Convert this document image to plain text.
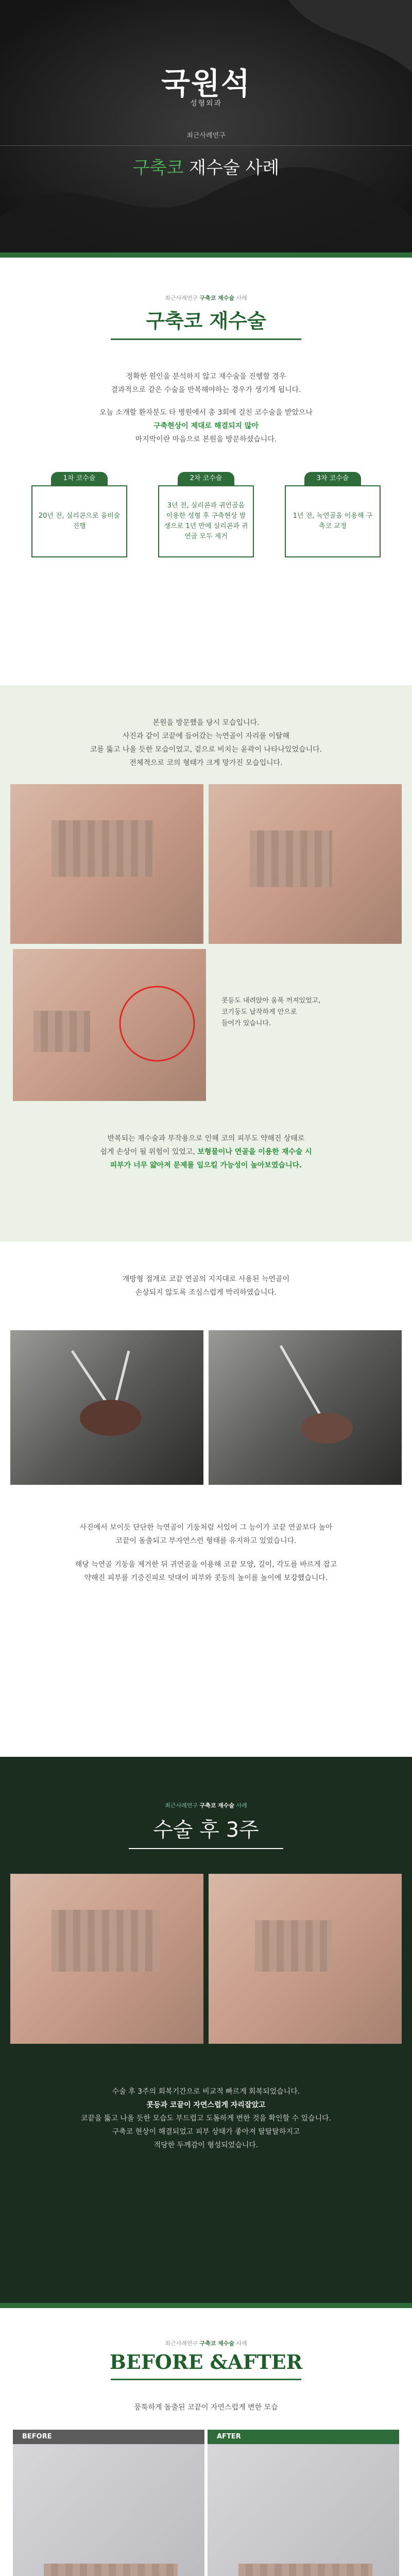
국원석
성형외과
최근사례연구
구축코 재수술 사례
최근사례연구 구축코 재수술 사례
구축코 재수술
정확한 원인을 분석하지 않고 재수술을 진행할 경우
결과적으로 같은 수술을 반복해야하는 경우가 생기게 됩니다.
오늘 소개할 환자분도 타 병원에서 총 3회에 걸친 코수술을 받았으나
구축현상이 제대로 해결되지 않아
마지막이란 마음으로 본원을 방문하셨습니다.
1차 코수술
20년 전, 실리콘으로 융비술 진행
2차 코수술
3년 전, 실리콘과 귀연골을 이용한 성형 후 구축현상 발생으로 1년 만에 실리콘과 귀연골 모두 제거
3차 코수술
1년 전, 늑연골을 이용해 구축코 교정
본원을 방문했을 당시 모습입니다.
사진과 같이 코끝에 들어갔는 늑연골이 자리를 이탈해
코를 뚫고 나올 듯한 모습이었고, 겉으로 비치는 윤곽이 나타나있었습니다.
전체적으로 코의 형태가 크게 망가진 모습입니다.
콧등도 내려앉아 움푹 꺼져있었고,
코기둥도 납작하게 안으로
들어가 있습니다.
반복되는 재수술과 부작용으로 인해 코의 피부도 약해진 상태로
쉽게 손상이 될 위험이 있었고, 보형물이나 연골을 이용한 재수술 시
피부가 너무 얇아져 문제를 일으킬 가능성이 높아보였습니다.
개방형 절개로 코끝 연골의 지지대로 사용된 늑연골이
손상되지 않도록 조심스럽게 박리하였습니다.
사진에서 보이듯 단단한 늑연골이 기둥처럼 서있어 그 능이가 코끝 연골보다 높아
코끝이 돌출되고 부자연스런 형태를 유지하고 있었습니다.
해당 늑연골 기둥을 제거한 뒤 귀연골을 이용해 코끝 모양, 길이, 각도를 바르게 잡고
약해진 피부를 기증진피로 덧대어 피부와 콧등의 높이를 높이에 보강했습니다.
최근사례연구 구축코 재수술 사례
수술 후 3주
수술 후 3주의 회복기간으로 비교적 빠르게 회복되었습니다.
콧등과 코끝이 자연스럽게 자리잡았고
코끝을 뚫고 나올 듯한 모습도 부드럽고 도톰하게 변한 것을 확인할 수 있습니다.
구축코 현상이 해결되었고 피부 상태가 좋아져 탈탈탈하지고
적당한 두께감이 형성되었습니다.
최근사례연구 구축코 재수술 사례
BEFORE &AFTER
뭉툭하게 돌출된 코끝이 자연스럽게 변한 모습
BEFORE	AFTER
